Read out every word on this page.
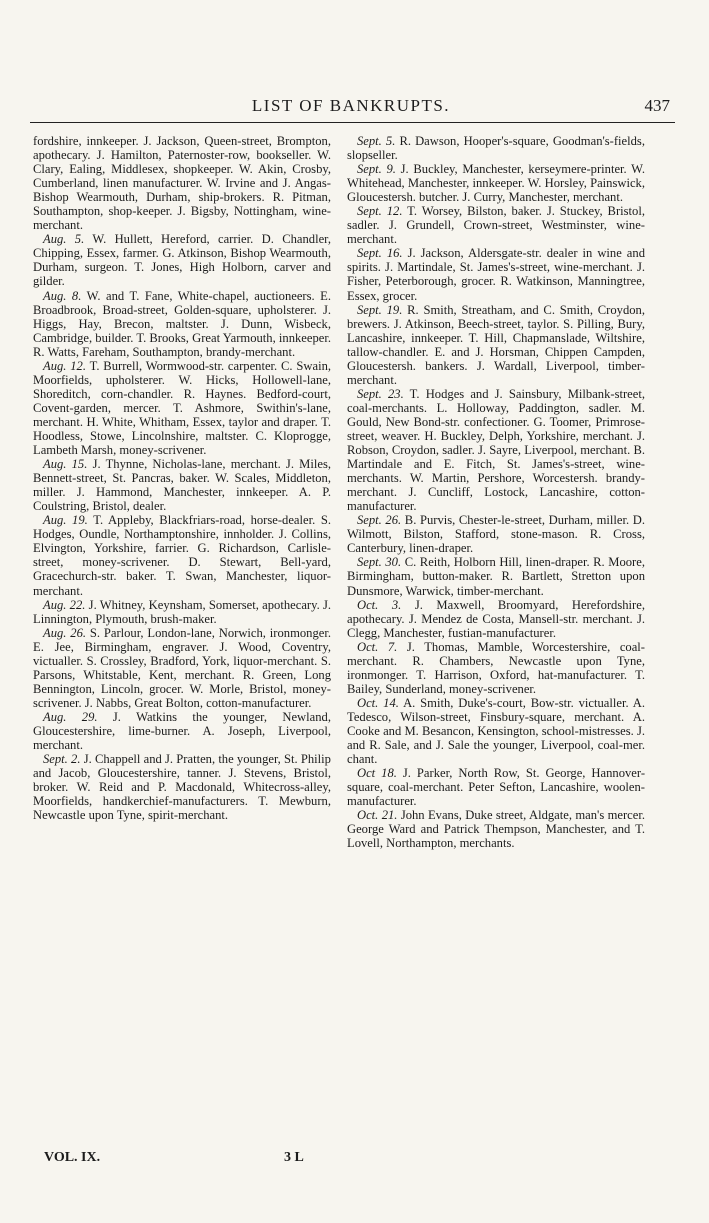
LIST OF BANKRUPTS.	437

fordshire, innkeeper. J. Jackson, Queen-street, Brompton, apothecary. J. Hamilton, Paternoster-row, bookseller. W. Clary, Ealing, Middlesex, shopkeeper. W. Akin, Crosby, Cumberland, linen manufacturer. W. Irvine and J. Angas-Bishop Wearmouth, Durham, ship-brokers. R. Pitman, Southampton, shop-keeper. J. Bigsby, Nottingham, wine-merchant.

Aug. 5. W. Hullett, Hereford, carrier. D. Chandler, Chipping, Essex, farmer. G. Atkinson, Bishop Wearmouth, Durham, surgeon. T. Jones, High Holborn, carver and gilder.

Aug. 8. W. and T. Fane, White-chapel, auctioneers. E. Broadbrook, Broad-street, Golden-square, upholsterer. J. Higgs, Hay, Brecon, maltster. J. Dunn, Wisbeck, Cambridge, builder. T. Brooks, Great Yarmouth, innkeeper. R. Watts, Fareham, Southampton, brandy-merchant.

Aug. 12. T. Burrell, Wormwood-str. carpenter. C. Swain, Moorfields, upholsterer. W. Hicks, Hollowell-lane, Shoreditch, corn-chandler. R. Haynes. Bedford-court, Covent-garden, mercer. T. Ashmore, Swithin's-lane, merchant. H. White, Whitham, Essex, taylor and draper. T. Hoodless, Stowe, Lincolnshire, maltster. C. Kloprogge, Lambeth Marsh, money-scrivener.

Aug. 15. J. Thynne, Nicholas-lane, merchant. J. Miles, Bennett-street, St. Pancras, baker. W. Scales, Middleton, miller. J. Hammond, Manchester, innkeeper. A. P. Coulstring, Bristol, dealer.

Aug. 19. T. Appleby, Blackfriars-road, horse-dealer. S. Hodges, Oundle, Northamptonshire, innholder. J. Collins, Elvington, Yorkshire, farrier. G. Richardson, Carlisle-street, money-scrivener. D. Stewart, Bell-yard, Gracechurch-str. baker. T. Swan, Manchester, liquor-merchant.

Aug. 22. J. Whitney, Keynsham, Somerset, apothecary. J. Linnington, Plymouth, brush-maker.

Aug. 26. S. Parlour, London-lane, Norwich, ironmonger. E. Jee, Birmingham, engraver. J. Wood, Coventry, victualler. S. Crossley, Bradford, York, liquor-merchant. S. Parsons, Whitstable, Kent, merchant. R. Green, Long Bennington, Lincoln, grocer. W. Morle, Bristol, money-scrivener. J. Nabbs, Great Bolton, cotton-manufacturer.

Aug. 29. J. Watkins the younger, Newland, Gloucestershire, lime-burner. A. Joseph, Liverpool, merchant.

Sept. 2. J. Chappell and J. Pratten, the younger, St. Philip and Jacob, Gloucestershire, tanner. J. Stevens, Bristol, broker. W. Reid and P. Macdonald, Whitecross-alley, Moorfields, handkerchief-manufacturers. T. Mewburn, Newcastle upon Tyne, spirit-merchant.

Sept. 5. R. Dawson, Hooper's-square, Goodman's-fields, slopseller.

Sept. 9. J. Buckley, Manchester, kerseymere-printer. W. Whitehead, Manchester, innkeeper. W. Horsley, Painswick, Gloucestersh. butcher. J. Curry, Manchester, merchant.

Sept. 12. T. Worsey, Bilston, baker. J. Stuckey, Bristol, sadler. J. Grundell, Crown-street, Westminster, wine-merchant.

Sept. 16. J. Jackson, Aldersgate-str. dealer in wine and spirits. J. Martindale, St. James's-street, wine-merchant. J. Fisher, Peterborough, grocer. R. Watkinson, Manningtree, Essex, grocer.

Sept. 19. R. Smith, Streatham, and C. Smith, Croydon, brewers. J. Atkinson, Beech-street, taylor. S. Pilling, Bury, Lancashire, innkeeper. T. Hill, Chapmanslade, Wiltshire, tallow-chandler. E. and J. Horsman, Chippen Campden, Gloucestersh. bankers. J. Wardall, Liverpool, timber-merchant.

Sept. 23. T. Hodges and J. Sainsbury, Milbank-street, coal-merchants. L. Holloway, Paddington, sadler. M. Gould, New Bond-str. confectioner. G. Toomer, Primrose-street, weaver. H. Buckley, Delph, Yorkshire, merchant. J. Robson, Croydon, sadler. J. Sayre, Liverpool, merchant. B. Martindale and E. Fitch, St. James's-street, wine-merchants. W. Martin, Pershore, Worcestersh. brandy-merchant. J. Cuncliff, Lostock, Lancashire, cotton-manufacturer.

Sept. 26. B. Purvis, Chester-le-street, Durham, miller. D. Wilmott, Bilston, Stafford, stone-mason. R. Cross, Canterbury, linen-draper.

Sept. 30. C. Reith, Holborn Hill, linen-draper. R. Moore, Birmingham, button-maker. R. Bartlett, Stretton upon Dunsmore, Warwick, timber-merchant.

Oct. 3. J. Maxwell, Broomyard, Herefordshire, apothecary. J. Mendez de Costa, Mansell-str. merchant. J. Clegg, Manchester, fustian-manufacturer.

Oct. 7. J. Thomas, Mamble, Worcestershire, coal-merchant. R. Chambers, Newcastle upon Tyne, ironmonger. T. Harrison, Oxford, hat-manufacturer. T. Bailey, Sunderland, money-scrivener.

Oct. 14. A. Smith, Duke's-court, Bow-str. victualler. A. Tedesco, Wilson-street, Finsbury-square, merchant. A. Cooke and M. Besancon, Kensington, school-mistresses. J. and R. Sale, and J. Sale the younger, Liverpool, coal-mer. chant.

Oct 18. J. Parker, North Row, St. George, Hannover-square, coal-merchant. Peter Sefton, Lancashire, woolen-manufacturer.

Oct. 21. John Evans, Duke street, Aldgate, man's mercer. George Ward and Patrick Thempson, Manchester, and T. Lovell, Northampton, merchants.

VOL. IX.	3 L
